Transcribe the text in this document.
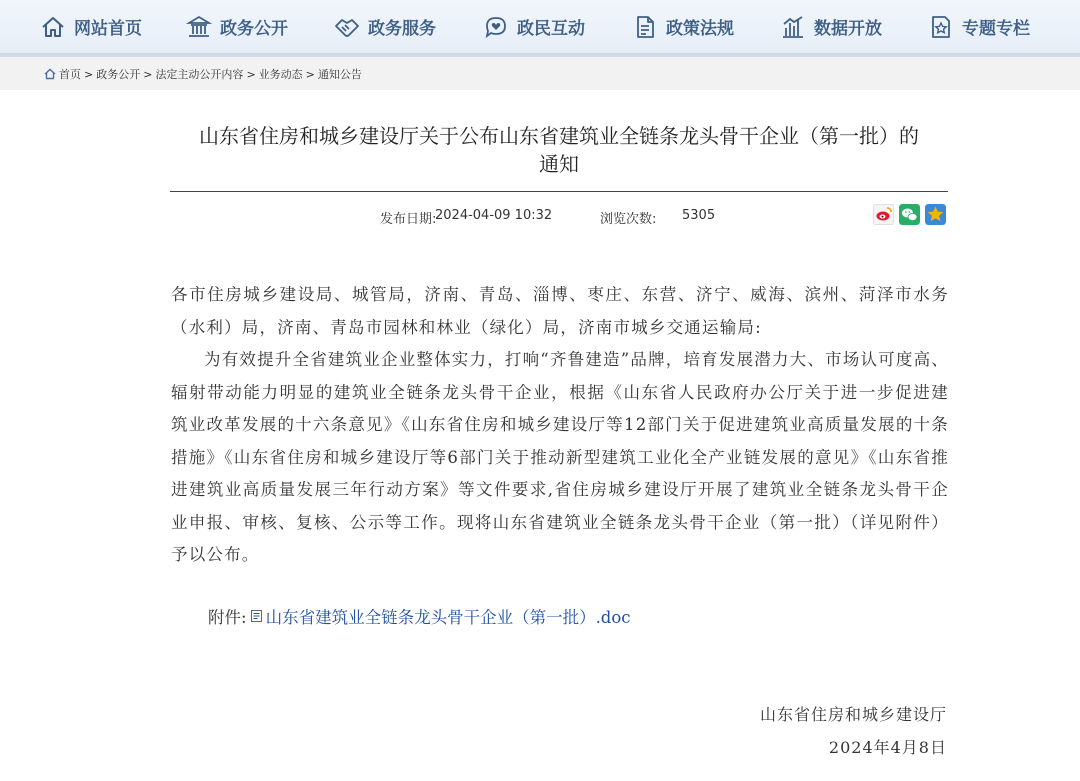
网站首页	政务公开	政务服务	政民互动	政策法规	数据开放	专题专栏
首页 > 政务公开 > 法定主动公开内容 > 业务动态 > 通知公告
山东省住房和城乡建设厅关于公布山东省建筑业全链条龙头骨干企业（第一批）的
通知
发布日期:
2024-04-09 10:32	浏览次数: 5305

各市住房城乡建设局、城管局，济南、青岛、淄博、枣庄、东营、济宁、威海、滨州、菏泽市水务（水利）局，济南、青岛市园林和林业（绿化）局，济南市城乡交通运输局:

为有效提升全省建筑业企业整体实力，打响“齐鲁建造”品牌，培育发展潜力大、市场认可度高、辐射带动能力明显的建筑业全链条龙头骨干企业，根据《山东省人民政府办公厅关于进一步促进建筑业改革发展的十六条意见》《山东省住房和城乡建设厅等12部门关于促进建筑业高质量发展的十条措施》《山东省住房和城乡建设厅等6部门关于推动新型建筑工业化全产业链发展的意见》《山东省推进建筑业高质量发展三年行动方案》等文件要求,省住房城乡建设厅开展了建筑业全链条龙头骨干企业申报、审核、复核、公示等工作。现将山东省建筑业全链条龙头骨干企业（第一批）（详见附件）予以公布。

附件: 山东省建筑业全链条龙头骨干企业（第一批）.doc
山东省住房和城乡建设厅
2024年4月8日
